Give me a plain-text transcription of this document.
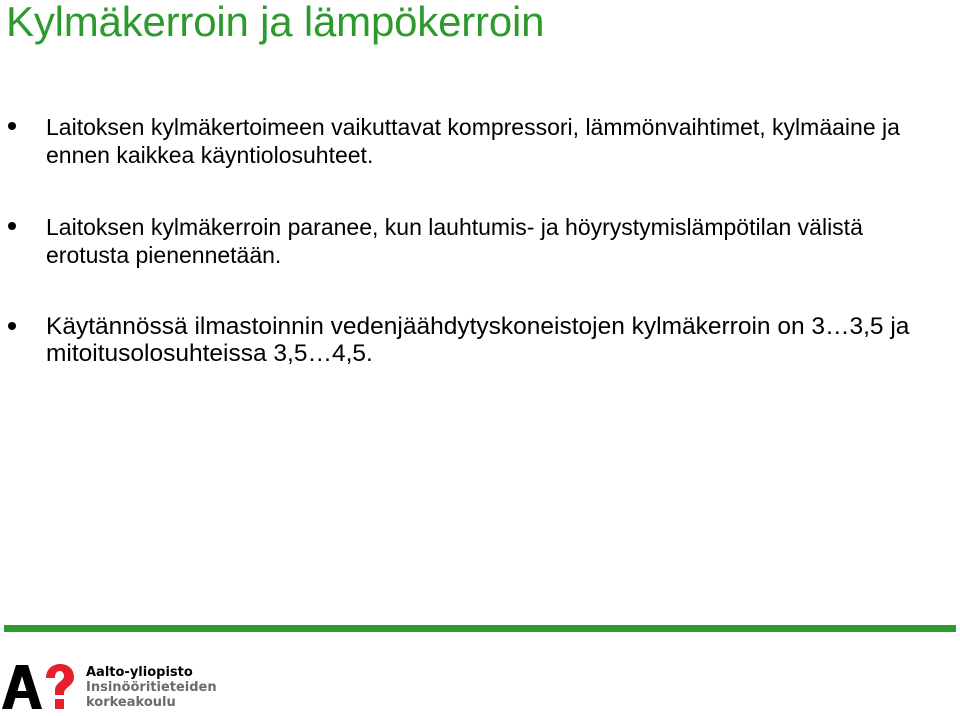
Kylmäkerroin ja lämpökerroin
Laitoksen kylmäkertoimeen vaikuttavat kompressori, lämmönvaihtimet, kylmäaine ja ennen kaikkea käyntiolosuhteet.
Laitoksen kylmäkerroin paranee, kun lauhtumis- ja höyrystymislämpötilan välistä erotusta pienennetään.
Käytännössä ilmastoinnin vedenjäähdytyskoneistojen kylmäkerroin on 3…3,5 ja mitoitusolosuhteissa 3,5…4,5.
Aalto-yliopisto
Insinööritieteiden
korkeakoulu
